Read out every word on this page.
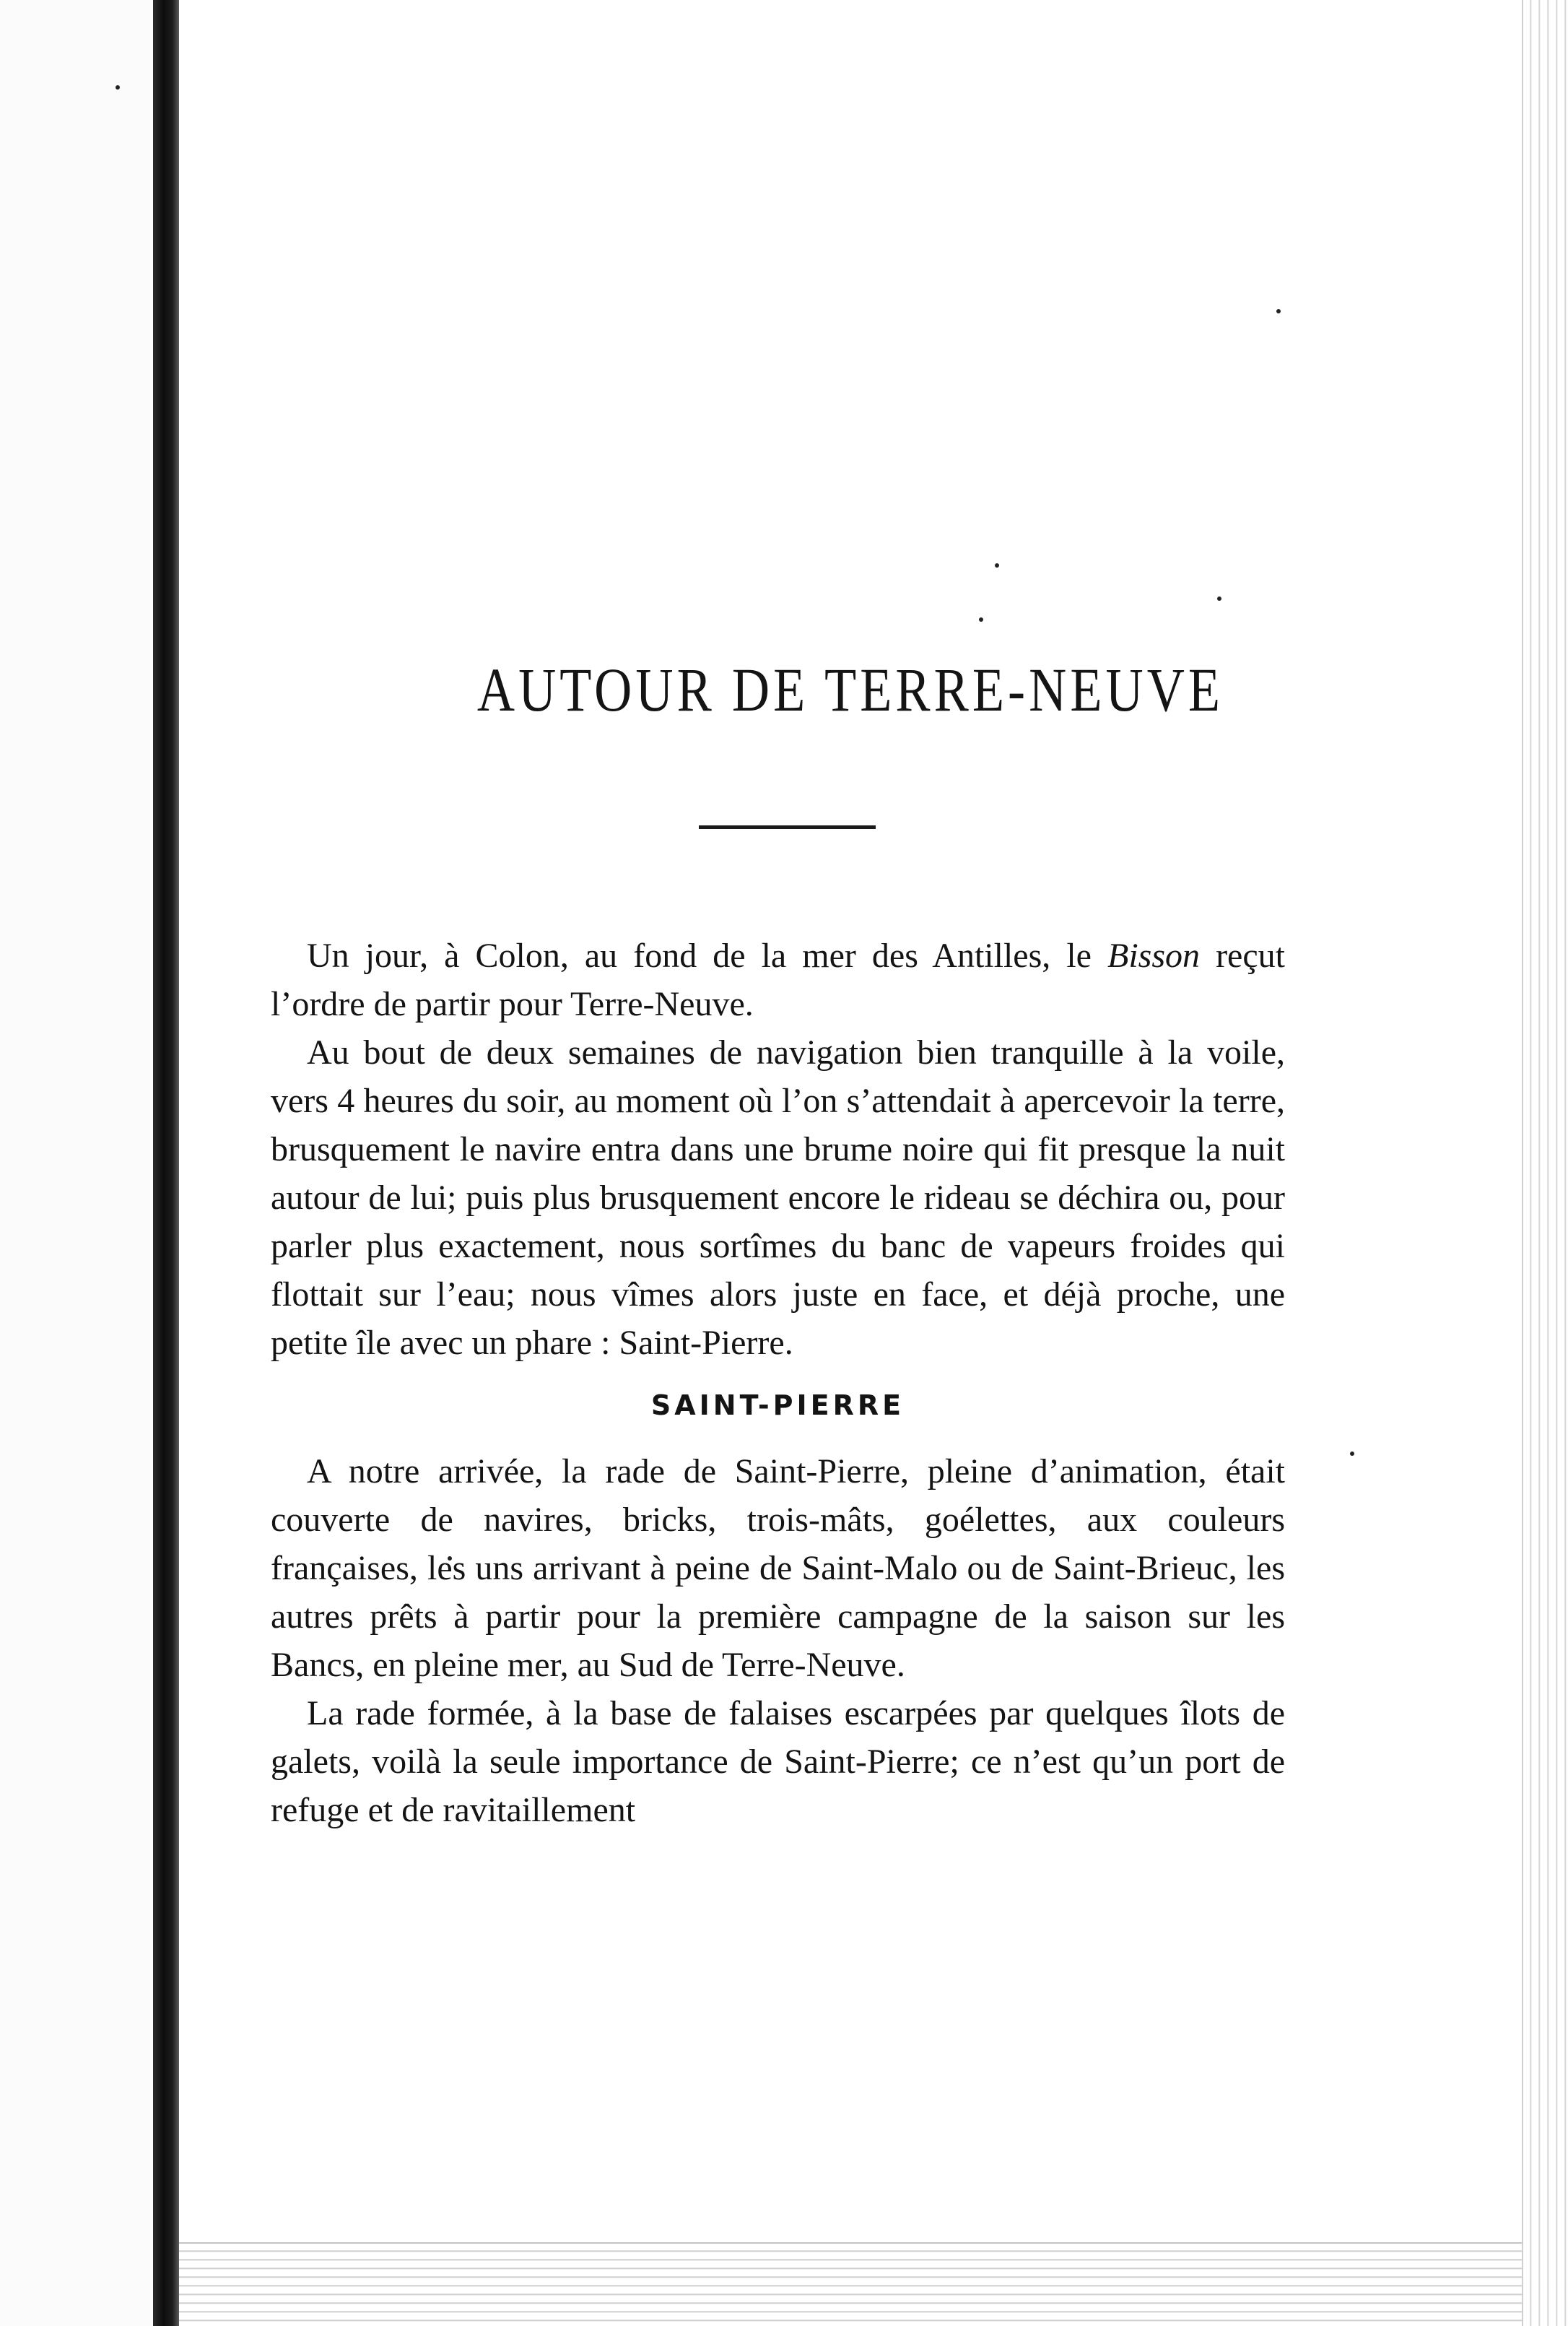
AUTOUR DE TERRE-NEUVE

Un jour, à Colon, au fond de la mer des Antilles, le Bisson reçut l’ordre de partir pour Terre-Neuve.

Au bout de deux semaines de navigation bien tranquille à la voile, vers 4 heures du soir, au moment où l’on s’attendait à apercevoir la terre, brusquement le navire entra dans une brume noire qui fit presque la nuit autour de lui; puis plus brusquement encore le rideau se déchira ou, pour parler plus exactement, nous sortîmes du banc de vapeurs froides qui flottait sur l’eau; nous vîmes alors juste en face, et déjà proche, une petite île avec un phare : Saint-Pierre.

SAINT-PIERRE

A notre arrivée, la rade de Saint-Pierre, pleine d’animation, était couverte de navires, bricks, trois-mâts, goélettes, aux couleurs françaises, les uns arrivant à peine de Saint-Malo ou de Saint-Brieuc, les autres prêts à partir pour la première campagne de la saison sur les Bancs, en pleine mer, au Sud de Terre-Neuve.

La rade formée, à la base de falaises escarpées par quelques îlots de galets, voilà la seule importance de Saint-Pierre; ce n’est qu’un port de refuge et de ravitaillement
